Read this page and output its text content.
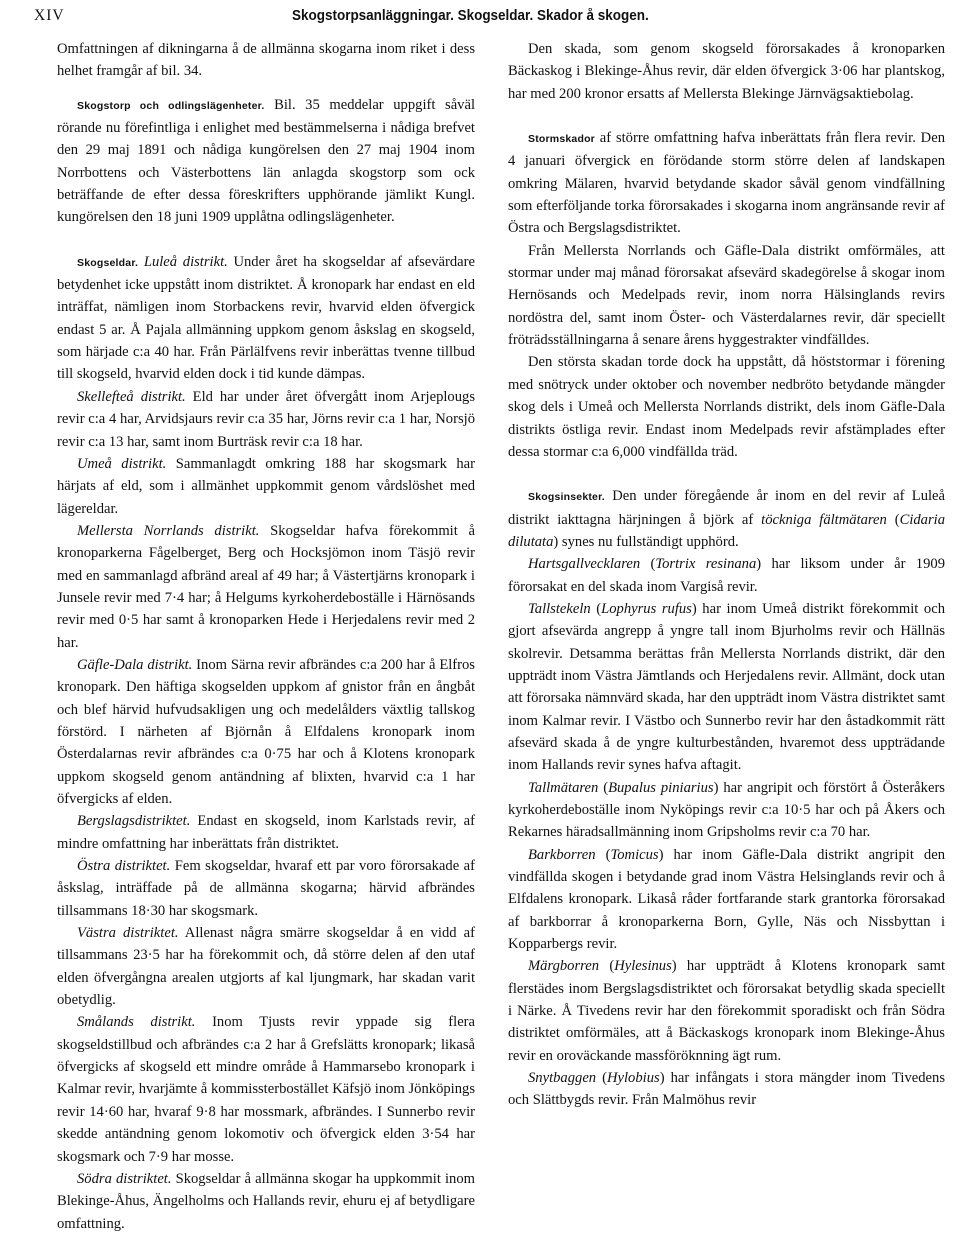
XIV	Skogstorpsanläggningar. Skogseldar. Skador å skogen.

Omfattningen af dikningarna å de allmänna skogarna inom riket i dess helhet framgår af bil. 34.

Skogstorp och odlingslägenheter. Bil. 35 meddelar uppgift såväl rörande nu förefintliga i enlighet med bestämmelserna i nådiga brefvet den 29 maj 1891 och nådiga kungörelsen den 27 maj 1904 inom Norrbottens och Västerbottens län anlagda skogstorp som ock beträffande de efter dessa föreskrifters upphörande jämlikt Kungl. kungörelsen den 18 juni 1909 upplåtna odlingslägenheter.

Skogseldar. Luleå distrikt. Under året ha skogseldar af afsevärdare betydenhet icke uppstått inom distriktet. Å kronopark har endast en eld inträffat, nämligen inom Storbackens revir, hvarvid elden öfvergick endast 5 ar. Å Pajala allmänning uppkom genom åskslag en skogseld, som härjade c:a 40 har. Från Pärlälfvens revir inberättas tvenne tillbud till skogseld, hvarvid elden dock i tid kunde dämpas.

Skellefteå distrikt. Eld har under året öfvergått inom Arjeplougs revir c:a 4 har, Arvidsjaurs revir c:a 35 har, Jörns revir c:a 1 har, Norsjö revir c:a 13 har, samt inom Burträsk revir c:a 18 har.

Umeå distrikt. Sammanlagdt omkring 188 har skogsmark har härjats af eld, som i allmänhet uppkommit genom vårdslöshet med lägereldar.

Mellersta Norrlands distrikt. Skogseldar hafva förekommit å kronoparkerna Fågelberget, Berg och Hocksjömon inom Täsjö revir med en sammanlagd afbränd areal af 49 har; å Västertjärns kronopark i Junsele revir med 7·4 har; å Helgums kyrkoherdeboställe i Härnösands revir med 0·5 har samt å kronoparken Hede i Herjedalens revir med 2 har.

Gäfle-Dala distrikt. Inom Särna revir afbrändes c:a 200 har å Elfros kronopark. Den häftiga skogselden uppkom af gnistor från en ångbåt och blef härvid hufvudsakligen ung och medelålders växtlig tallskog förstörd. I närheten af Björnån å Elfdalens kronopark inom Österdalarnas revir afbrändes c:a 0·75 har och å Klotens kronopark uppkom skogseld genom antändning af blixten, hvarvid c:a 1 har öfvergicks af elden.

Bergslagsdistriktet. Endast en skogseld, inom Karlstads revir, af mindre omfattning har inberättats från distriktet.

Östra distriktet. Fem skogseldar, hvaraf ett par voro förorsakade af åskslag, inträffade på de allmänna skogarna; härvid afbrändes tillsammans 18·30 har skogsmark.

Västra distriktet. Allenast några smärre skogseldar å en vidd af tillsammans 23·5 har ha förekommit och, då större delen af den utaf elden öfvergångna arealen utgjorts af kal ljungmark, har skadan varit obetydlig.

Smålands distrikt. Inom Tjusts revir yppade sig flera skogseldstillbud och afbrändes c:a 2 har å Grefslätts kronopark; likaså öfvergicks af skogseld ett mindre område å Hammarsebo kronopark i Kalmar revir, hvarjämte å kommissterbostället Käfsjö inom Jönköpings revir 14·60 har, hvaraf 9·8 har mossmark, afbrändes. I Sunnerbo revir skedde antändning genom lokomotiv och öfvergick elden 3·54 har skogsmark och 7·9 har mosse.

Södra distriktet. Skogseldar å allmänna skogar ha uppkommit inom Blekinge-Åhus, Ängelholms och Hallands revir, ehuru ej af betydligare omfattning.

Den skada, som genom skogseld förorsakades å kronoparken Bäckaskog i Blekinge-Åhus revir, där elden öfvergick 3·06 har plantskog, har med 200 kronor ersatts af Mellersta Blekinge Järnvägsaktiebolag.

Stormskador af större omfattning hafva inberättats från flera revir. Den 4 januari öfvergick en förödande storm större delen af landskapen omkring Mälaren, hvarvid betydande skador såväl genom vindfällning som efterföljande torka förorsakades i skogarna inom angränsande revir af Östra och Bergslagsdistriktet.

Från Mellersta Norrlands och Gäfle-Dala distrikt omförmäles, att stormar under maj månad förorsakat afsevärd skadegörelse å skogar inom Hernösands och Medelpads revir, inom norra Hälsinglands revirs nordöstra del, samt inom Öster- och Västerdalarnes revir, där speciellt fröträdsställningarna å senare årens hyggestrakter vindfälldes.

Den största skadan torde dock ha uppstått, då höststormar i förening med snötryck under oktober och november nedbröto betydande mängder skog dels i Umeå och Mellersta Norrlands distrikt, dels inom Gäfle-Dala distrikts östliga revir. Endast inom Medelpads revir afstämplades efter dessa stormar c:a 6,000 vindfällda träd.

Skogsinsekter. Den under föregående år inom en del revir af Luleå distrikt iakttagna härjningen å björk af töckniga fältmätaren (Cidaria dilutata) synes nu fullständigt upphörd.

Hartsgallvecklaren (Tortrix resinana) har liksom under år 1909 förorsakat en del skada inom Vargiså revir.

Tallstekeln (Lophyrus rufus) har inom Umeå distrikt förekommit och gjort afsevärda angrepp å yngre tall inom Bjurholms revir och Hällnäs skolrevir. Detsamma berättas från Mellersta Norrlands distrikt, där den uppträdt inom Västra Jämtlands och Herjedalens revir. Allmänt, dock utan att förorsaka nämnvärd skada, har den uppträdt inom Västra distriktet samt inom Kalmar revir. I Västbo och Sunnerbo revir har den åstadkommit rätt afsevärd skada å de yngre kulturbestånden, hvaremot dess uppträdande inom Hallands revir synes hafva aftagit.

Tallmätaren (Bupalus piniarius) har angripit och förstört å Österåkers kyrkoherdeboställe inom Nyköpings revir c:a 10·5 har och på Åkers och Rekarnes häradsallmänning inom Gripsholms revir c:a 70 har.

Barkborren (Tomicus) har inom Gäfle-Dala distrikt angripit den vindfällda skogen i betydande grad inom Västra Helsinglands revir och å Elfdalens kronopark. Likaså råder fortfarande stark grantorka förorsakad af barkborrar å kronoparkerna Born, Gylle, Näs och Nissbyttan i Kopparbergs revir.

Märgborren (Hylesinus) har uppträdt å Klotens kronopark samt flerstädes inom Bergslagsdistriktet och förorsakat betydlig skada speciellt i Närke. Å Tivedens revir har den förekommit sporadiskt och från Södra distriktet omförmäles, att å Bäckaskogs kronopark inom Blekinge-Åhus revir en oroväckande massföröknning ägt rum.

Snytbaggen (Hylobius) har infångats i stora mängder inom Tivedens och Slättbygds revir. Från Malmöhus revir
